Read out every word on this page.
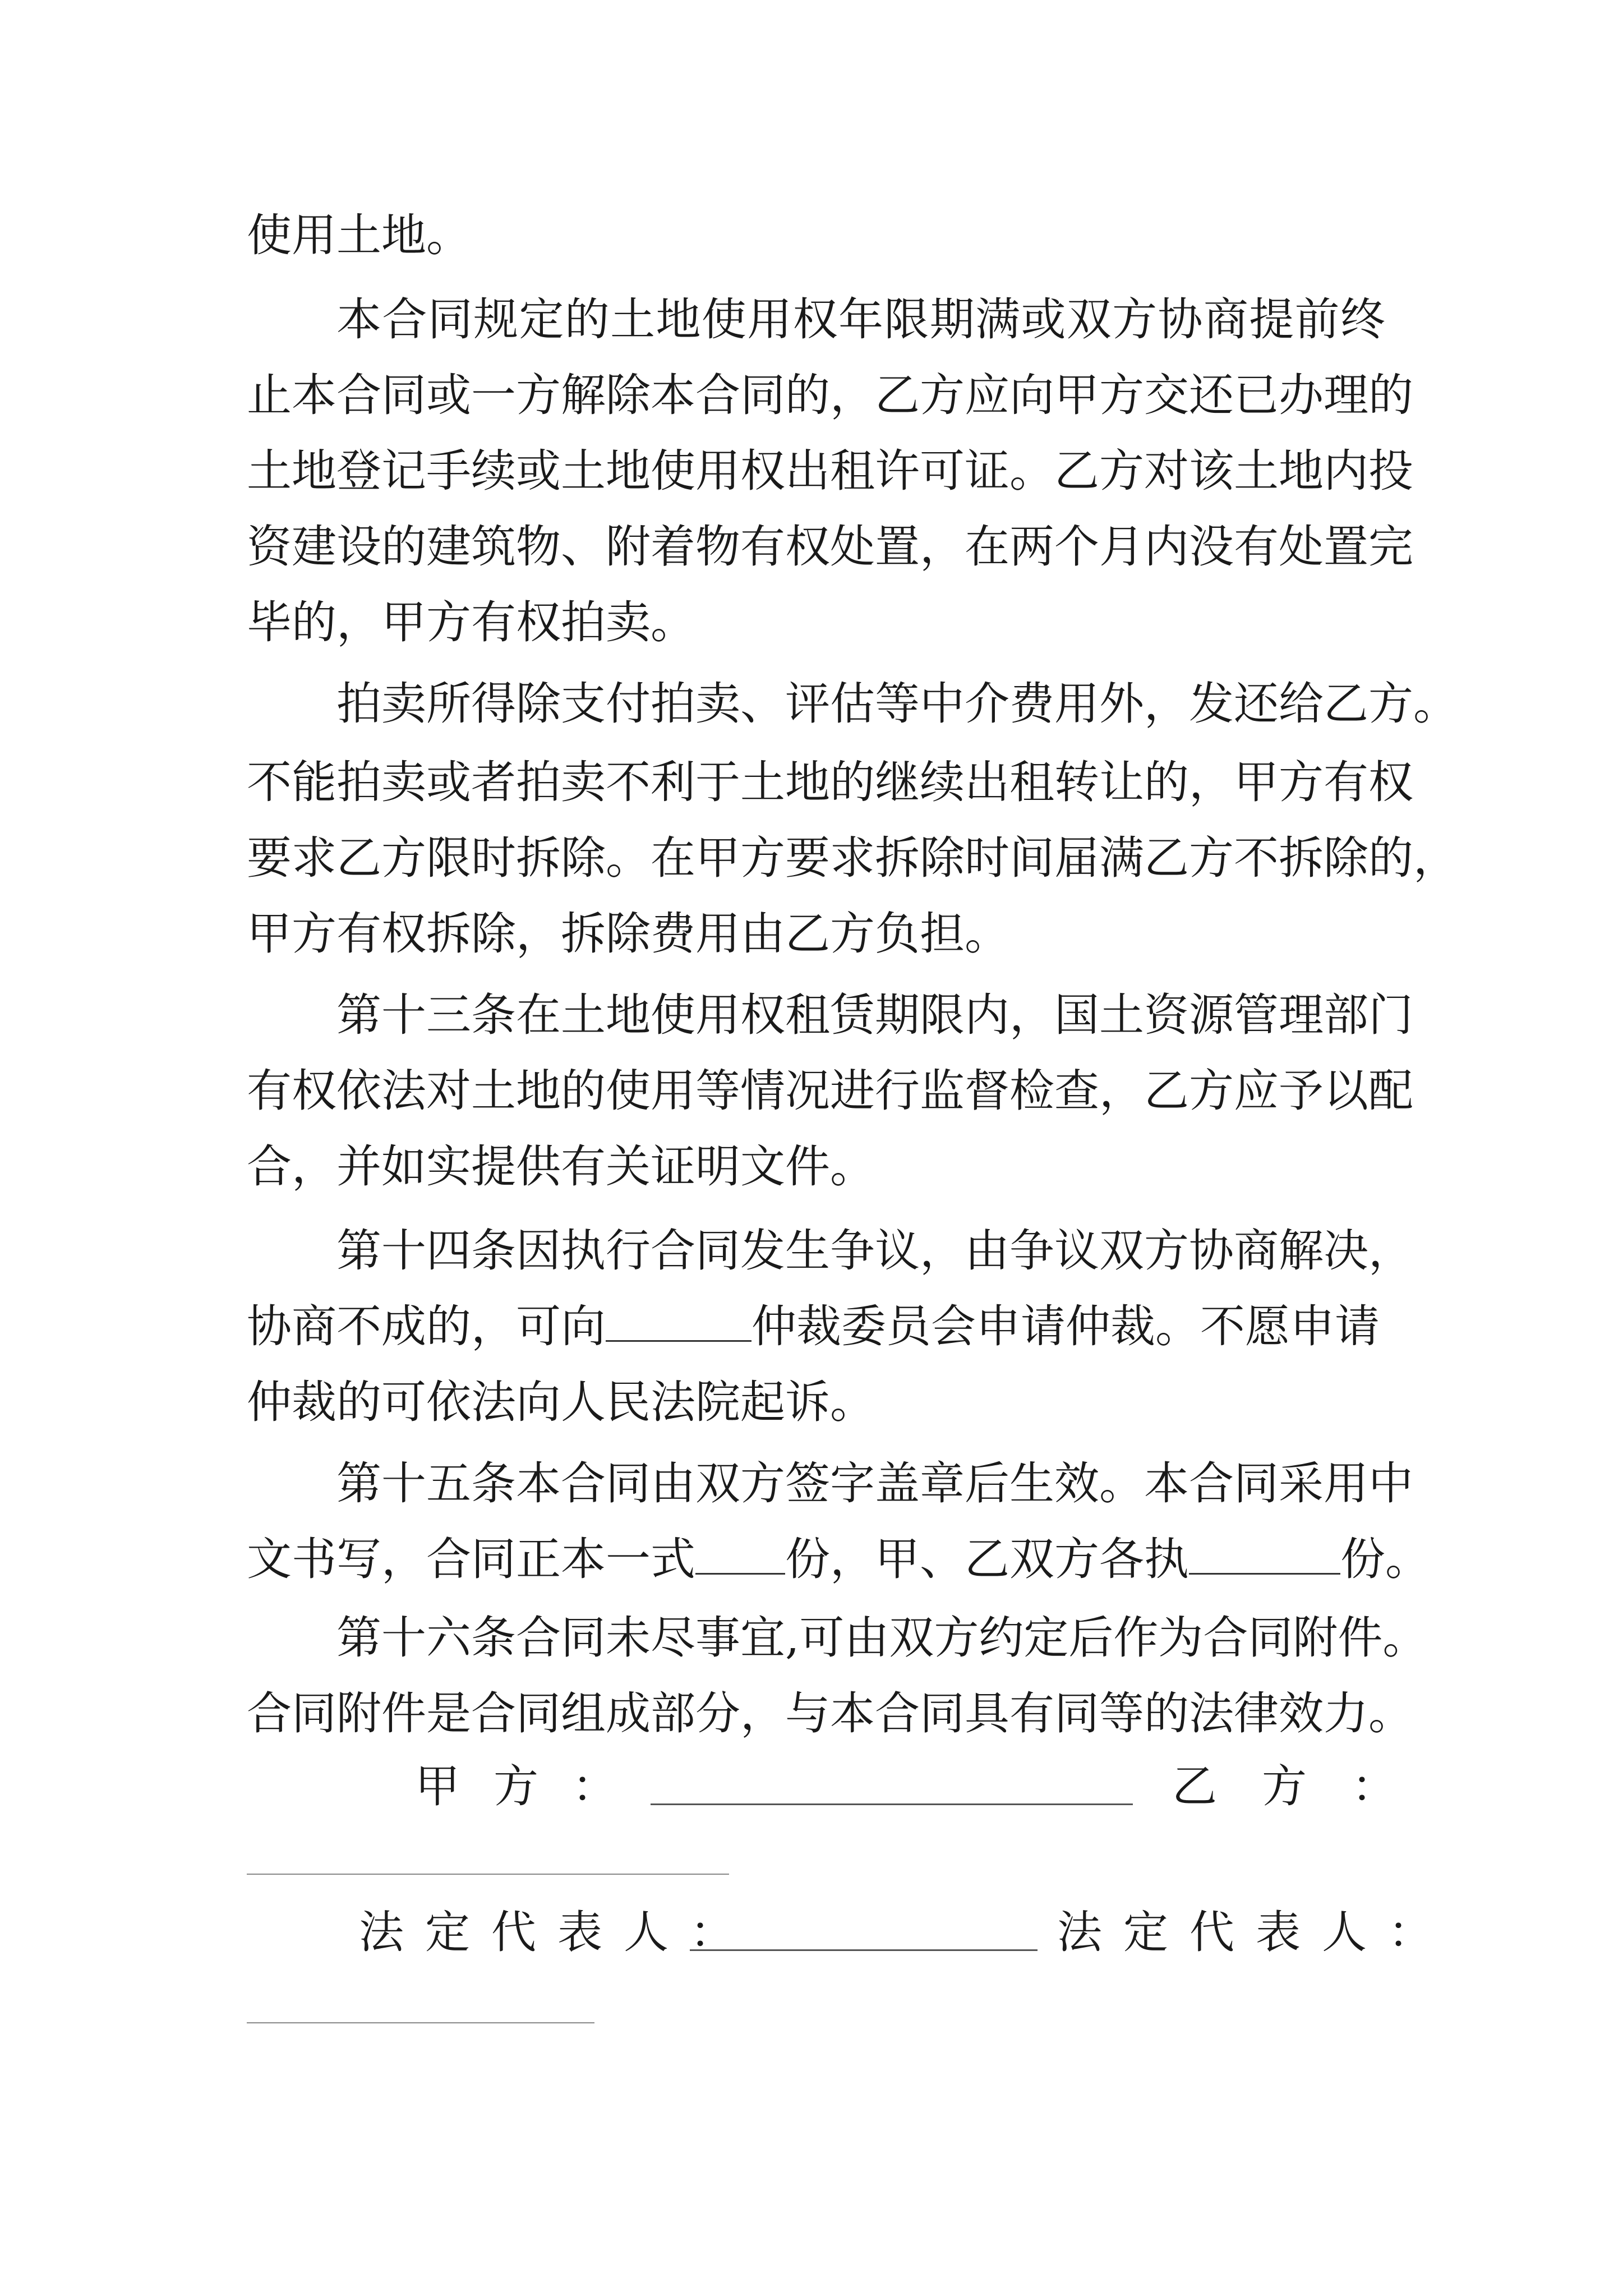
使用土地。
本合同规定的土地使用权年限期满或双方协商提前终
止本合同或一方解除本合同的，乙方应向甲方交还已办理的
土地登记手续或土地使用权出租许可证。乙方对该土地内投
资建设的建筑物、附着物有权处置，在两个月内没有处置完
毕的，甲方有权拍卖。
拍卖所得除支付拍卖、评估等中介费用外，发还给乙方。
不能拍卖或者拍卖不利于土地的继续出租转让的，甲方有权
要求乙方限时拆除。在甲方要求拆除时间届满乙方不拆除的，
甲方有权拆除，拆除费用由乙方负担。
第十三条在土地使用权租赁期限内，国土资源管理部门
有权依法对土地的使用等情况进行监督检查，乙方应予以配
合，并如实提供有关证明文件。
第十四条因执行合同发生争议，由争议双方协商解决，
协商不成的，可向	仲裁委员会申请仲裁。不愿申请
仲裁的可依法向人民法院起诉。
第十五条本合同由双方签字盖章后生效。本合同采用中
文书写，合同正本一式 份，甲、乙双方各执	份。
第十六条合同未尽事宜,可由双方约定后作为合同附件。
合同附件是合同组成部分，与本合同具有同等的法律效力。
甲方：	乙方：
法定代表人：	法定代表人：
